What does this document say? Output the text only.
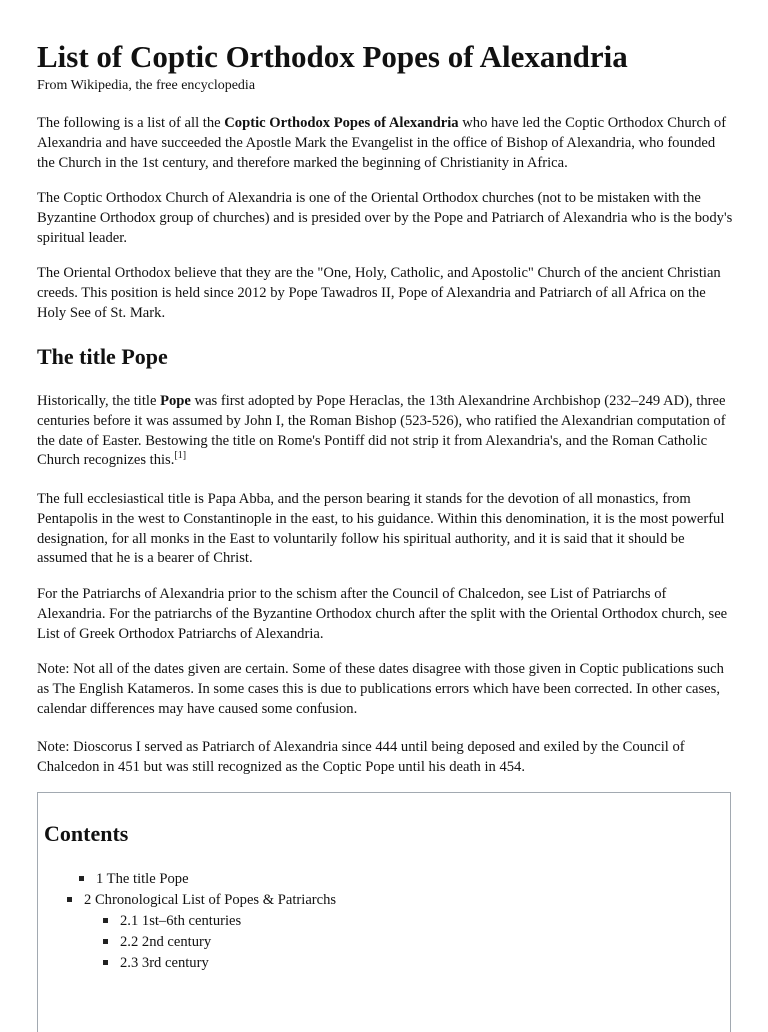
List of Coptic Orthodox Popes of Alexandria
From Wikipedia, the free encyclopedia

The following is a list of all the Coptic Orthodox Popes of Alexandria who have led the Coptic Orthodox Church of Alexandria and have succeeded the Apostle Mark the Evangelist in the office of Bishop of Alexandria, who founded the Church in the 1st century, and therefore marked the beginning of Christianity in Africa.

The Coptic Orthodox Church of Alexandria is one of the Oriental Orthodox churches (not to be mistaken with the Byzantine Orthodox group of churches) and is presided over by the Pope and Patriarch of Alexandria who is the body's spiritual leader.

The Oriental Orthodox believe that they are the "One, Holy, Catholic, and Apostolic" Church of the ancient Christian creeds. This position is held since 2012 by Pope Tawadros II, Pope of Alexandria and Patriarch of all Africa on the Holy See of St. Mark.

The title Pope

Historically, the title Pope was first adopted by Pope Heraclas, the 13th Alexandrine Archbishop (232–249 AD), three centuries before it was assumed by John I, the Roman Bishop (523-526), who ratified the Alexandrian computation of the date of Easter. Bestowing the title on Rome's Pontiff did not strip it from Alexandria's, and the Roman Catholic Church recognizes this.[1]

The full ecclesiastical title is Papa Abba, and the person bearing it stands for the devotion of all monastics, from Pentapolis in the west to Constantinople in the east, to his guidance. Within this denomination, it is the most powerful designation, for all monks in the East to voluntarily follow his spiritual authority, and it is said that it should be assumed that he is a bearer of Christ.

For the Patriarchs of Alexandria prior to the schism after the Council of Chalcedon, see List of Patriarchs of Alexandria. For the patriarchs of the Byzantine Orthodox church after the split with the Oriental Orthodox church, see List of Greek Orthodox Patriarchs of Alexandria.

Note: Not all of the dates given are certain. Some of these dates disagree with those given in Coptic publications such as The English Katameros. In some cases this is due to publications errors which have been corrected. In other cases, calendar differences may have caused some confusion.

Note: Dioscorus I served as Patriarch of Alexandria since 444 until being deposed and exiled by the Council of Chalcedon in 451 but was still recognized as the Coptic Pope until his death in 454.

Contents
1 The title Pope
2 Chronological List of Popes & Patriarchs
2.1 1st–6th centuries
2.2 2nd century
2.3 3rd century
